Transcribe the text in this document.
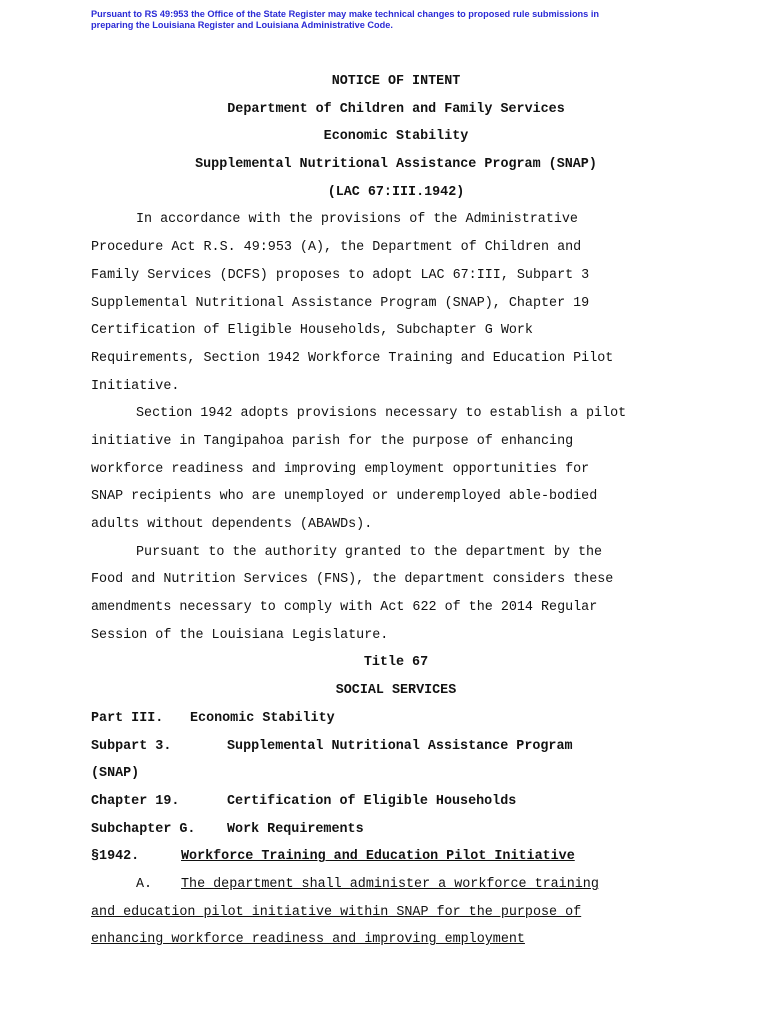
Pursuant to RS 49:953 the Office of the State Register may make technical changes to proposed rule submissions in
preparing the Louisiana Register and Louisiana Administrative Code.
NOTICE OF INTENT
Department of Children and Family Services
Economic Stability
Supplemental Nutritional Assistance Program (SNAP)
(LAC 67:III.1942)
In accordance with the provisions of the Administrative
Procedure Act R.S. 49:953 (A), the Department of Children and
Family Services (DCFS) proposes to adopt LAC 67:III, Subpart 3
Supplemental Nutritional Assistance Program (SNAP), Chapter 19
Certification of Eligible Households, Subchapter G Work
Requirements, Section 1942 Workforce Training and Education Pilot
Initiative.
Section 1942 adopts provisions necessary to establish a pilot
initiative in Tangipahoa parish for the purpose of enhancing
workforce readiness and improving employment opportunities for
SNAP recipients who are unemployed or underemployed able-bodied
adults without dependents (ABAWDs).
Pursuant to the authority granted to the department by the
Food and Nutrition Services (FNS), the department considers these
amendments necessary to comply with Act 622 of the 2014 Regular
Session of the Louisiana Legislature.
Title 67
SOCIAL SERVICES
Part III. Economic Stability
Subpart 3.	Supplemental Nutritional Assistance Program
(SNAP)
Chapter 19.	Certification of Eligible Households
Subchapter G. Work Requirements
§1942.	Workforce Training and Education Pilot Initiative
A. The department shall administer a workforce training
and education pilot initiative within SNAP for the purpose of
enhancing workforce readiness and improving employment
